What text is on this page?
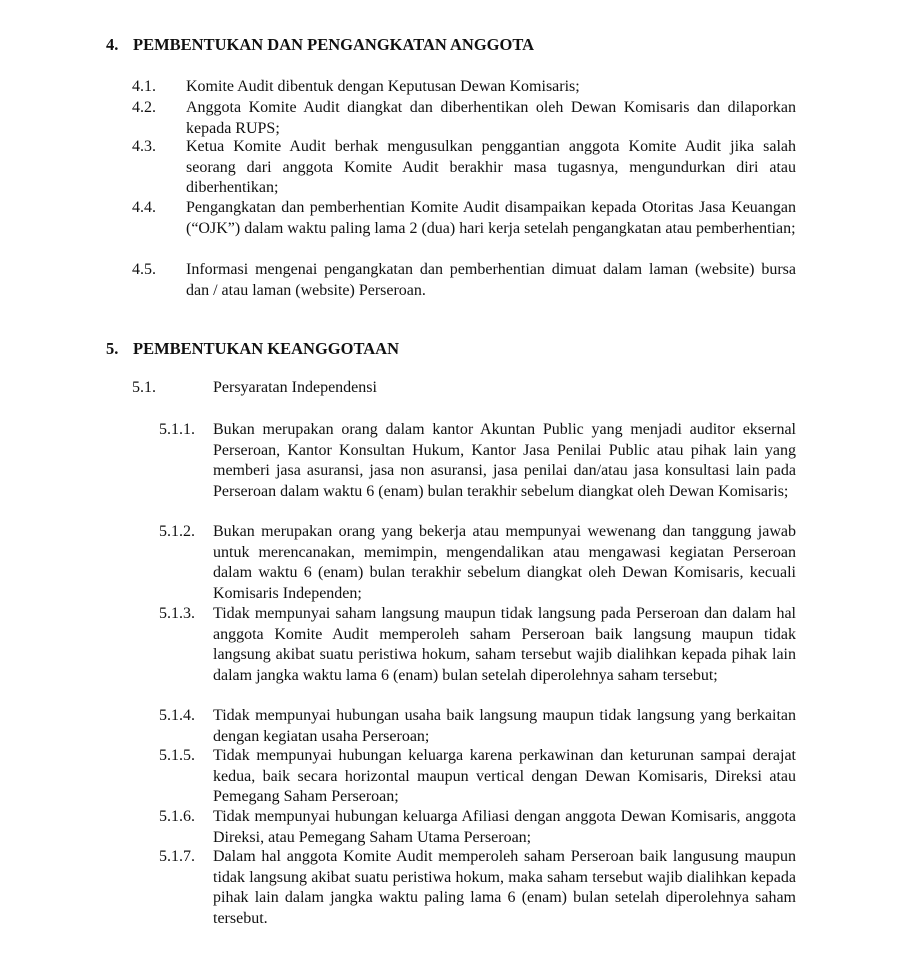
4. PEMBENTUKAN DAN PENGANGKATAN ANGGOTA
4.1. Komite Audit dibentuk dengan Keputusan Dewan Komisaris;
4.2. Anggota Komite Audit diangkat dan diberhentikan oleh Dewan Komisaris dan dilaporkan kepada RUPS;
4.3. Ketua Komite Audit berhak mengusulkan penggantian anggota Komite Audit jika salah seorang dari anggota Komite Audit berakhir masa tugasnya, mengundurkan diri atau diberhentikan;
4.4. Pengangkatan dan pemberhentian Komite Audit disampaikan kepada Otoritas Jasa Keuangan (“OJK”) dalam waktu paling lama 2 (dua) hari kerja setelah pengangkatan atau pemberhentian;
4.5. Informasi mengenai pengangkatan dan pemberhentian dimuat dalam laman (website) bursa dan / atau laman (website) Perseroan.
5. PEMBENTUKAN KEANGGOTAAN
5.1.	Persyaratan Independensi
5.1.1. Bukan merupakan orang dalam kantor Akuntan Public yang menjadi auditor eksernal Perseroan, Kantor Konsultan Hukum, Kantor Jasa Penilai Public atau pihak lain yang memberi jasa asuransi, jasa non asuransi, jasa penilai dan/atau jasa konsultasi lain pada Perseroan dalam waktu 6 (enam) bulan terakhir sebelum diangkat oleh Dewan Komisaris;
5.1.2. Bukan merupakan orang yang bekerja atau mempunyai wewenang dan tanggung jawab untuk merencanakan, memimpin, mengendalikan atau mengawasi kegiatan Perseroan dalam waktu 6 (enam) bulan terakhir sebelum diangkat oleh Dewan Komisaris, kecuali Komisaris Independen;
5.1.3. Tidak mempunyai saham langsung maupun tidak langsung pada Perseroan dan dalam hal anggota Komite Audit memperoleh saham Perseroan baik langsung maupun tidak langsung akibat suatu peristiwa hokum, saham tersebut wajib dialihkan kepada pihak lain dalam jangka waktu lama 6 (enam) bulan setelah diperolehnya saham tersebut;
5.1.4. Tidak mempunyai hubungan usaha baik langsung maupun tidak langsung yang berkaitan dengan kegiatan usaha Perseroan;
5.1.5. Tidak mempunyai hubungan keluarga karena perkawinan dan keturunan sampai derajat kedua, baik secara horizontal maupun vertical dengan Dewan Komisaris, Direksi atau Pemegang Saham Perseroan;
5.1.6. Tidak mempunyai hubungan keluarga Afiliasi dengan anggota Dewan Komisaris, anggota Direksi, atau Pemegang Saham Utama Perseroan;
5.1.7. Dalam hal anggota Komite Audit memperoleh saham Perseroan baik langusung maupun tidak langsung akibat suatu peristiwa hokum, maka saham tersebut wajib dialihkan kepada pihak lain dalam jangka waktu paling lama 6 (enam) bulan setelah diperolehnya saham tersebut.
